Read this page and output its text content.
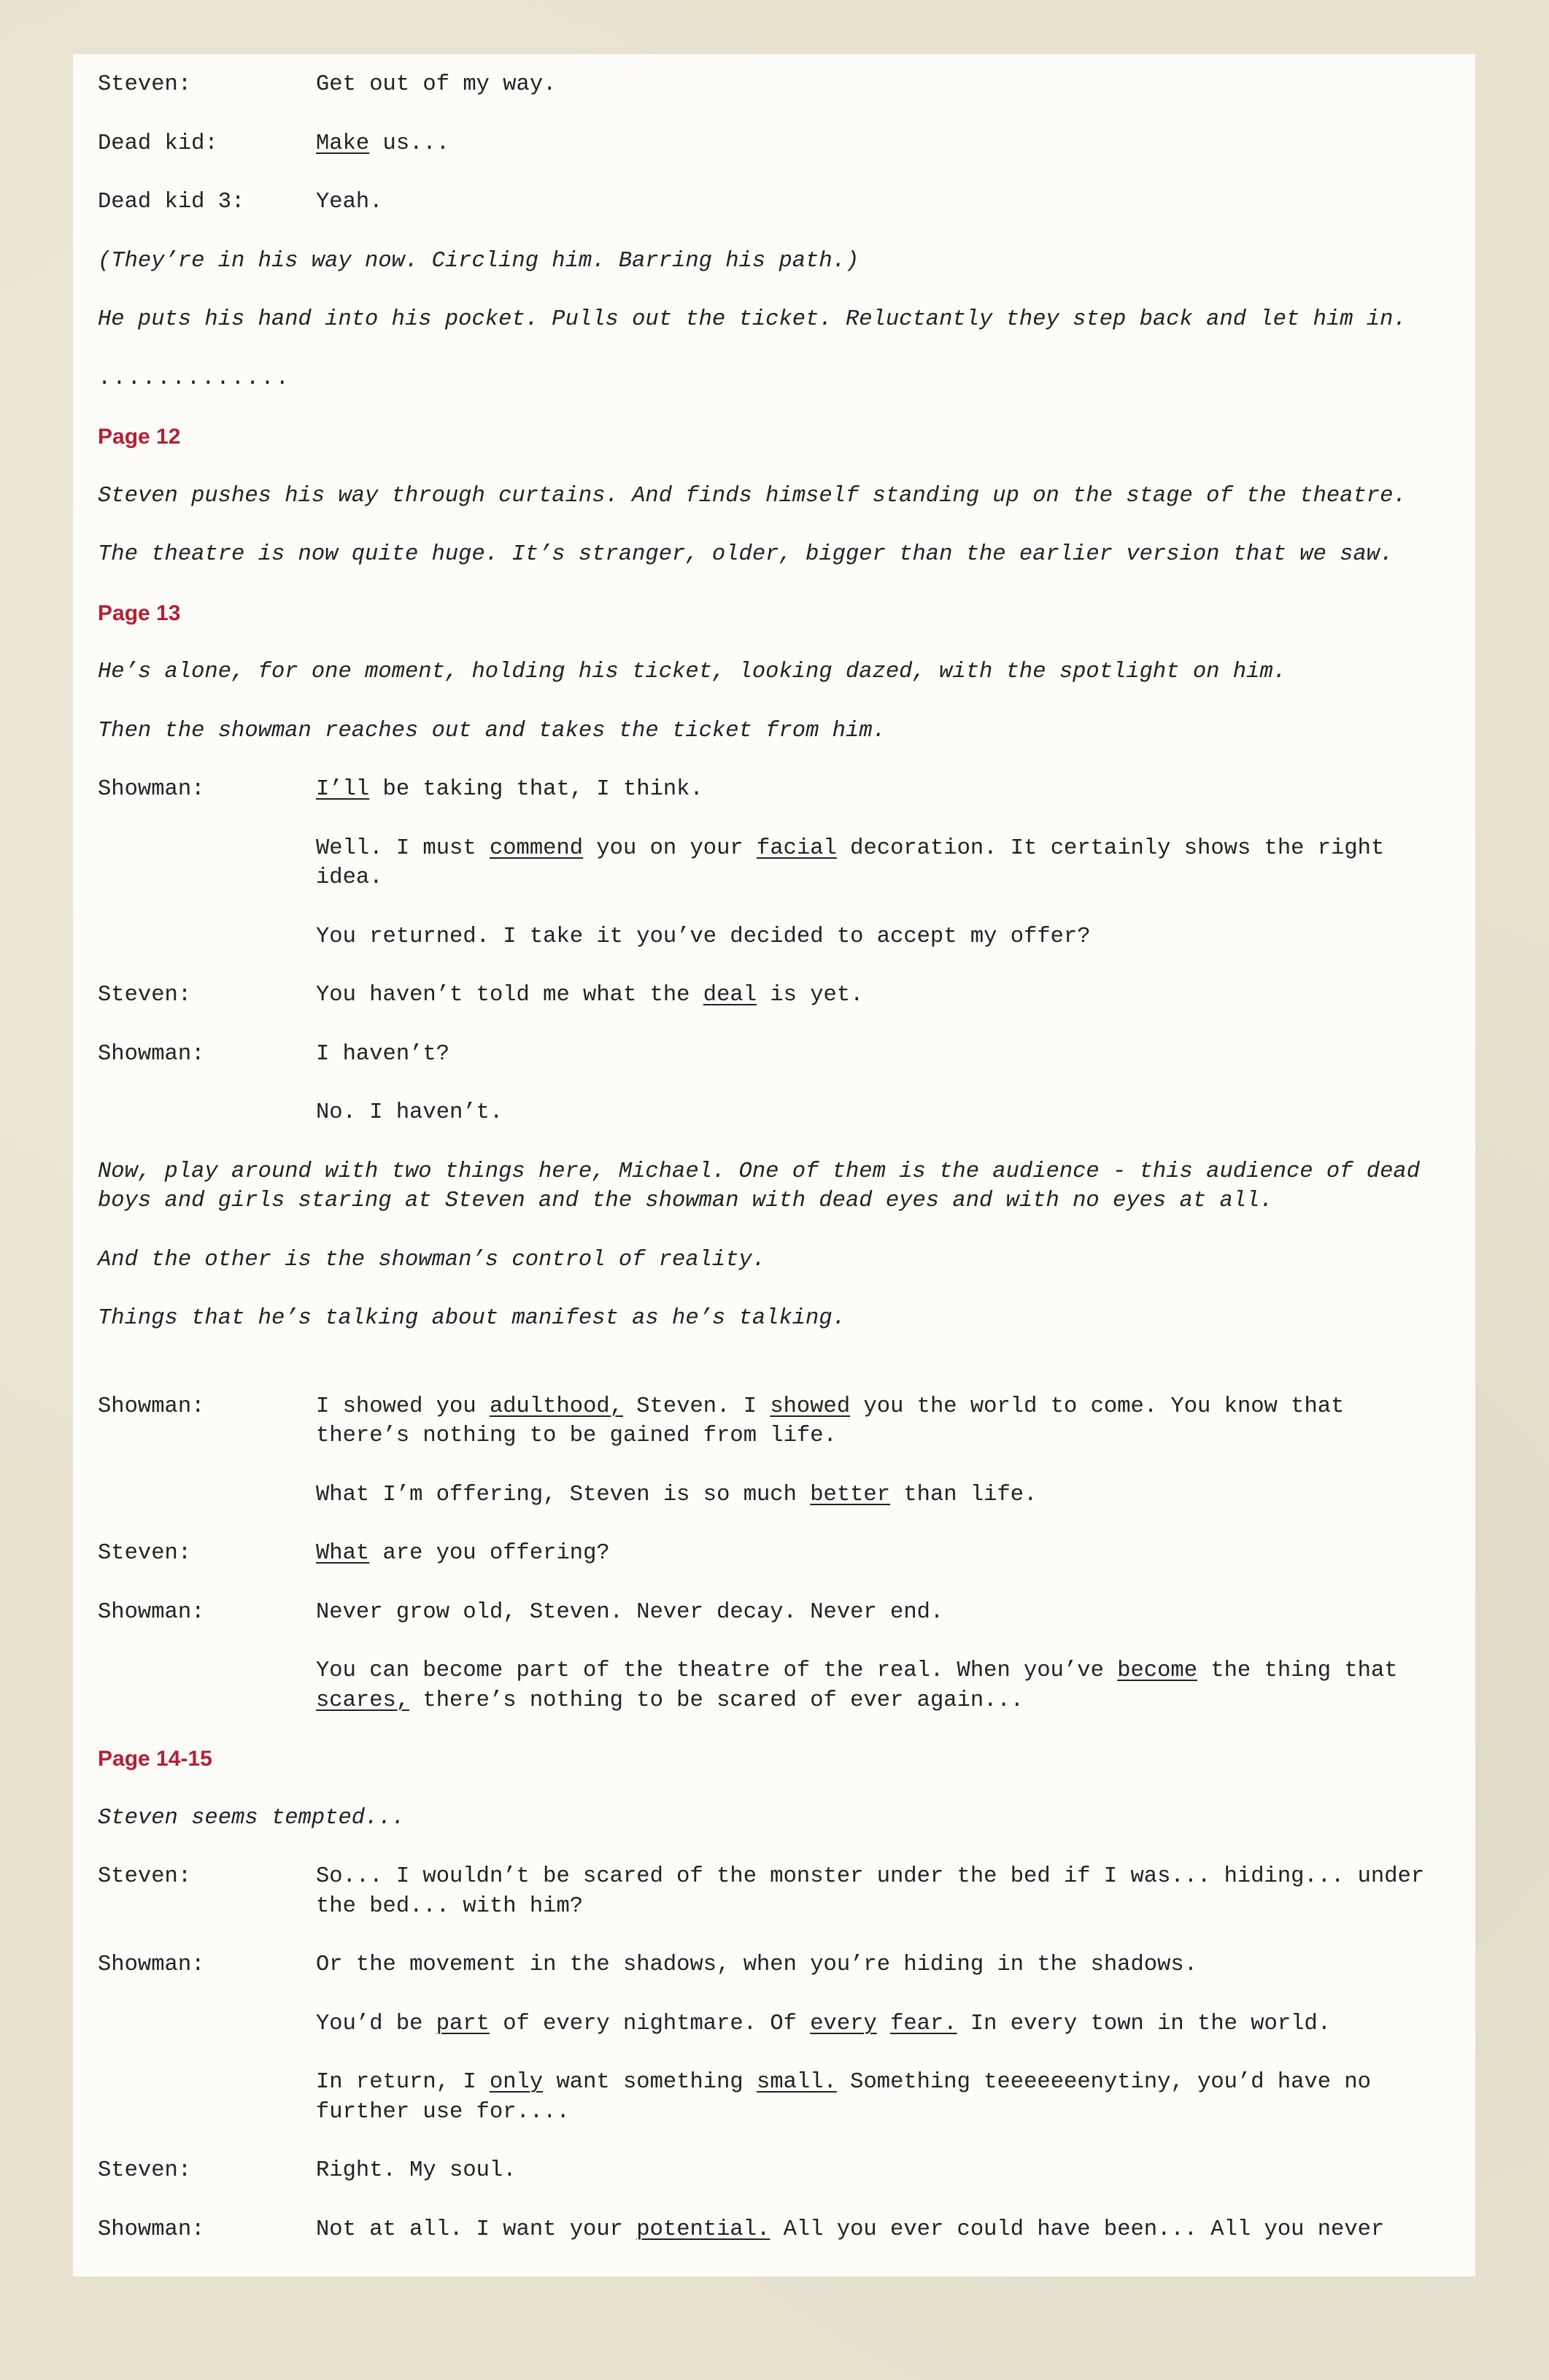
Steven:	Get out of my way.
Dead kid:	Make us...
Dead kid 3:	Yeah.
(They’re in his way now. Circling him. Barring his path.)
He puts his hand into his pocket. Pulls out the ticket. Reluctantly they step back and let him in.
.............
Page 12
Steven pushes his way through curtains. And finds himself standing up on the stage of the theatre.
The theatre is now quite huge. It’s stranger, older, bigger than the earlier version that we saw.
Page 13
He’s alone, for one moment, holding his ticket, looking dazed, with the spotlight on him.
Then the showman reaches out and takes the ticket from him.
Showman:	I’ll be taking that, I think.
Well. I must commend you on your facial decoration. It certainly shows the right idea.
You returned. I take it you’ve decided to accept my offer?
Steven:	You haven’t told me what the deal is yet.
Showman:	I haven’t?
No. I haven’t.
Now, play around with two things here, Michael. One of them is the audience - this audience of dead boys and girls staring at Steven and the showman with dead eyes and with no eyes at all.
And the other is the showman’s control of reality.
Things that he’s talking about manifest as he’s talking.
Showman:	I showed you adulthood, Steven. I showed you the world to come. You know that there’s nothing to be gained from life.
What I’m offering, Steven is so much better than life.
Steven:	What are you offering?
Showman:	Never grow old, Steven. Never decay. Never end.
You can become part of the theatre of the real. When you’ve become the thing that scares, there’s nothing to be scared of ever again...
Page 14-15
Steven seems tempted...
Steven:	So... I wouldn’t be scared of the monster under the bed if I was... hiding... under the bed... with him?
Showman:	Or the movement in the shadows, when you’re hiding in the shadows.
You’d be part of every nightmare. Of every fear. In every town in the world.
In return, I only want something small. Something teeeeeeenytiny, you’d have no further use for....
Steven:	Right. My soul.
Showman:	Not at all. I want your potential. All you ever could have been... All you never
